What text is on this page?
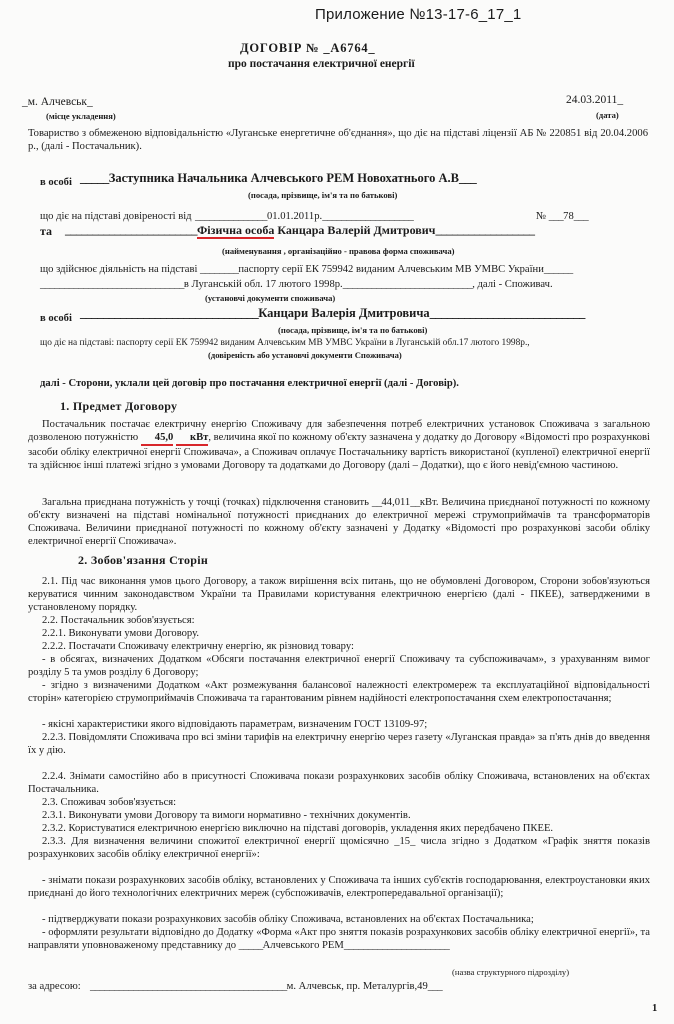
Приложение №13-17-6_17_1

ДОГОВІР № _А6764_

про постачання електричної енергії

_м. Алчевськ_

(місце укладення)

24.03.2011_

(дата)

Товариство з обмеженою відповідальністю «Луганське енергетичне об'єднання», що діє на підставі ліцензії АБ № 220851 від 20.04.2006 р., (далі - Постачальник).

в особі _____Заступника Начальника Алчевського РЕМ Новохатнього А.В___

(посада, прізвище, ім'я та по батькові)

що діє на підставі довіреності від _______________01.01.2011р.___________________	№ ___78___

та ________________________Фізична особа Канцара Валерій Дмитрович__________________

(найменування , організаційно - правова форма споживача)

що здійснює діяльність на підставі ________паспорту серії ЕК 759942 виданим Алчевським МВ УМВС України______

______________________________в Луганській обл. 17 лютого 1998р.___________________________, далі - Споживач.

(установчі документи споживача)

в особі _______________________________Канцари Валерія Дмитровича___________________________

(посада, прізвище, ім'я та по батькові)

що діє на підставі: паспорту серії ЕК 759942 виданим Алчевським МВ УМВС України в Луганській обл.17 лютого 1998р.,

(довіреність або установчі документи Споживача)

далі - Сторони, уклали цей договір про постачання електричної енергії (далі - Договір).

1. Предмет Договору

Постачальник постачає електричну енергію Споживачу для забезпечення потреб електричних установок Споживача з загальною дозволеною потужністю 45,0 кВт, величина якої по кожному об'єкту зазначена у додатку до Договору «Відомості про розрахункові засоби обліку електричної енергії Споживача», а Споживач оплачує Постачальнику вартість використаної (купленої) електричної енергії та здійснює інші платежі згідно з умовами Договору та додатками до Договору (далі – Додатки), що є його невід'ємною частиною.

Загальна приєднана потужність у точці (точках) підключення становить __44,011__кВт. Величина приєднаної потужності по кожному об'єкту визначені на підставі номінальної потужності приєднаних до електричної мережі струмоприймачів та трансформаторів Споживача. Величини приєднаної потужності по кожному об'єкту зазначені у Додатку «Відомості про розрахункові засоби обліку електричної енергії Споживача».

2. Зобов'язання Сторін

2.1. Під час виконання умов цього Договору, а також вирішення всіх питань, що не обумовлені Договором, Сторони зобов'язуються керуватися чинним законодавством України та Правилами користування електричною енергією (далі - ПКЕЕ), затвердженими в установленому порядку.

2.2. Постачальник зобов'язується:

2.2.1. Виконувати умови Договору.

2.2.2. Постачати Споживачу електричну енергію, як різновид товару:

- в обсягах, визначених Додатком «Обсяги постачання електричної енергії Споживачу та субспоживачам», з урахуванням вимог розділу 5 та умов розділу 6 Договору;

- згідно з визначеними Додатком «Акт розмежування балансової належності електромереж та експлуатаційної відповідальності сторін» категорією струмоприймачів Споживача та гарантованим рівнем надійності електропостачання схем електропостачання;

- якісні характеристики якого відповідають параметрам, визначеним ГОСТ 13109-97;

2.2.3. Повідомляти Споживача про всі зміни тарифів на електричну енергію через газету «Луганская правда» за п'ять днів до введення їх у дію.

2.2.4. Знімати самостійно або в присутності Споживача покази розрахункових засобів обліку Споживача, встановлених на об'єктах Постачальника.

2.3. Споживач зобов'язується:

2.3.1. Виконувати умови Договору та вимоги нормативно - технічних документів.

2.3.2. Користуватися електричною енергією виключно на підставі договорів, укладення яких передбачено ПКЕЕ.

2.3.3. Для визначення величини спожитої електричної енергії щомісячно _15_ числа згідно з Додатком «Графік зняття показів розрахункових засобів обліку електричної енергії»:

- знімати покази розрахункових засобів обліку, встановлених у Споживача та інших суб'єктів господарювання, електроустановки яких приєднані до його технологічних електричних мереж (субспоживачів, електропередавальної організації);

- підтверджувати покази розрахункових засобів обліку Споживача, встановлених на об'єктах Постачальника;

- оформляти результати відповідно до Додатку «Форма «Акт про зняття показів розрахункових засобів обліку електричної енергії», та направляти уповноваженому представнику до _____Алчевського РЕМ______________________

(назва структурного підрозділу)

за адресою: _________________________________________м. Алчевськ, пр. Металургів,49___

1
